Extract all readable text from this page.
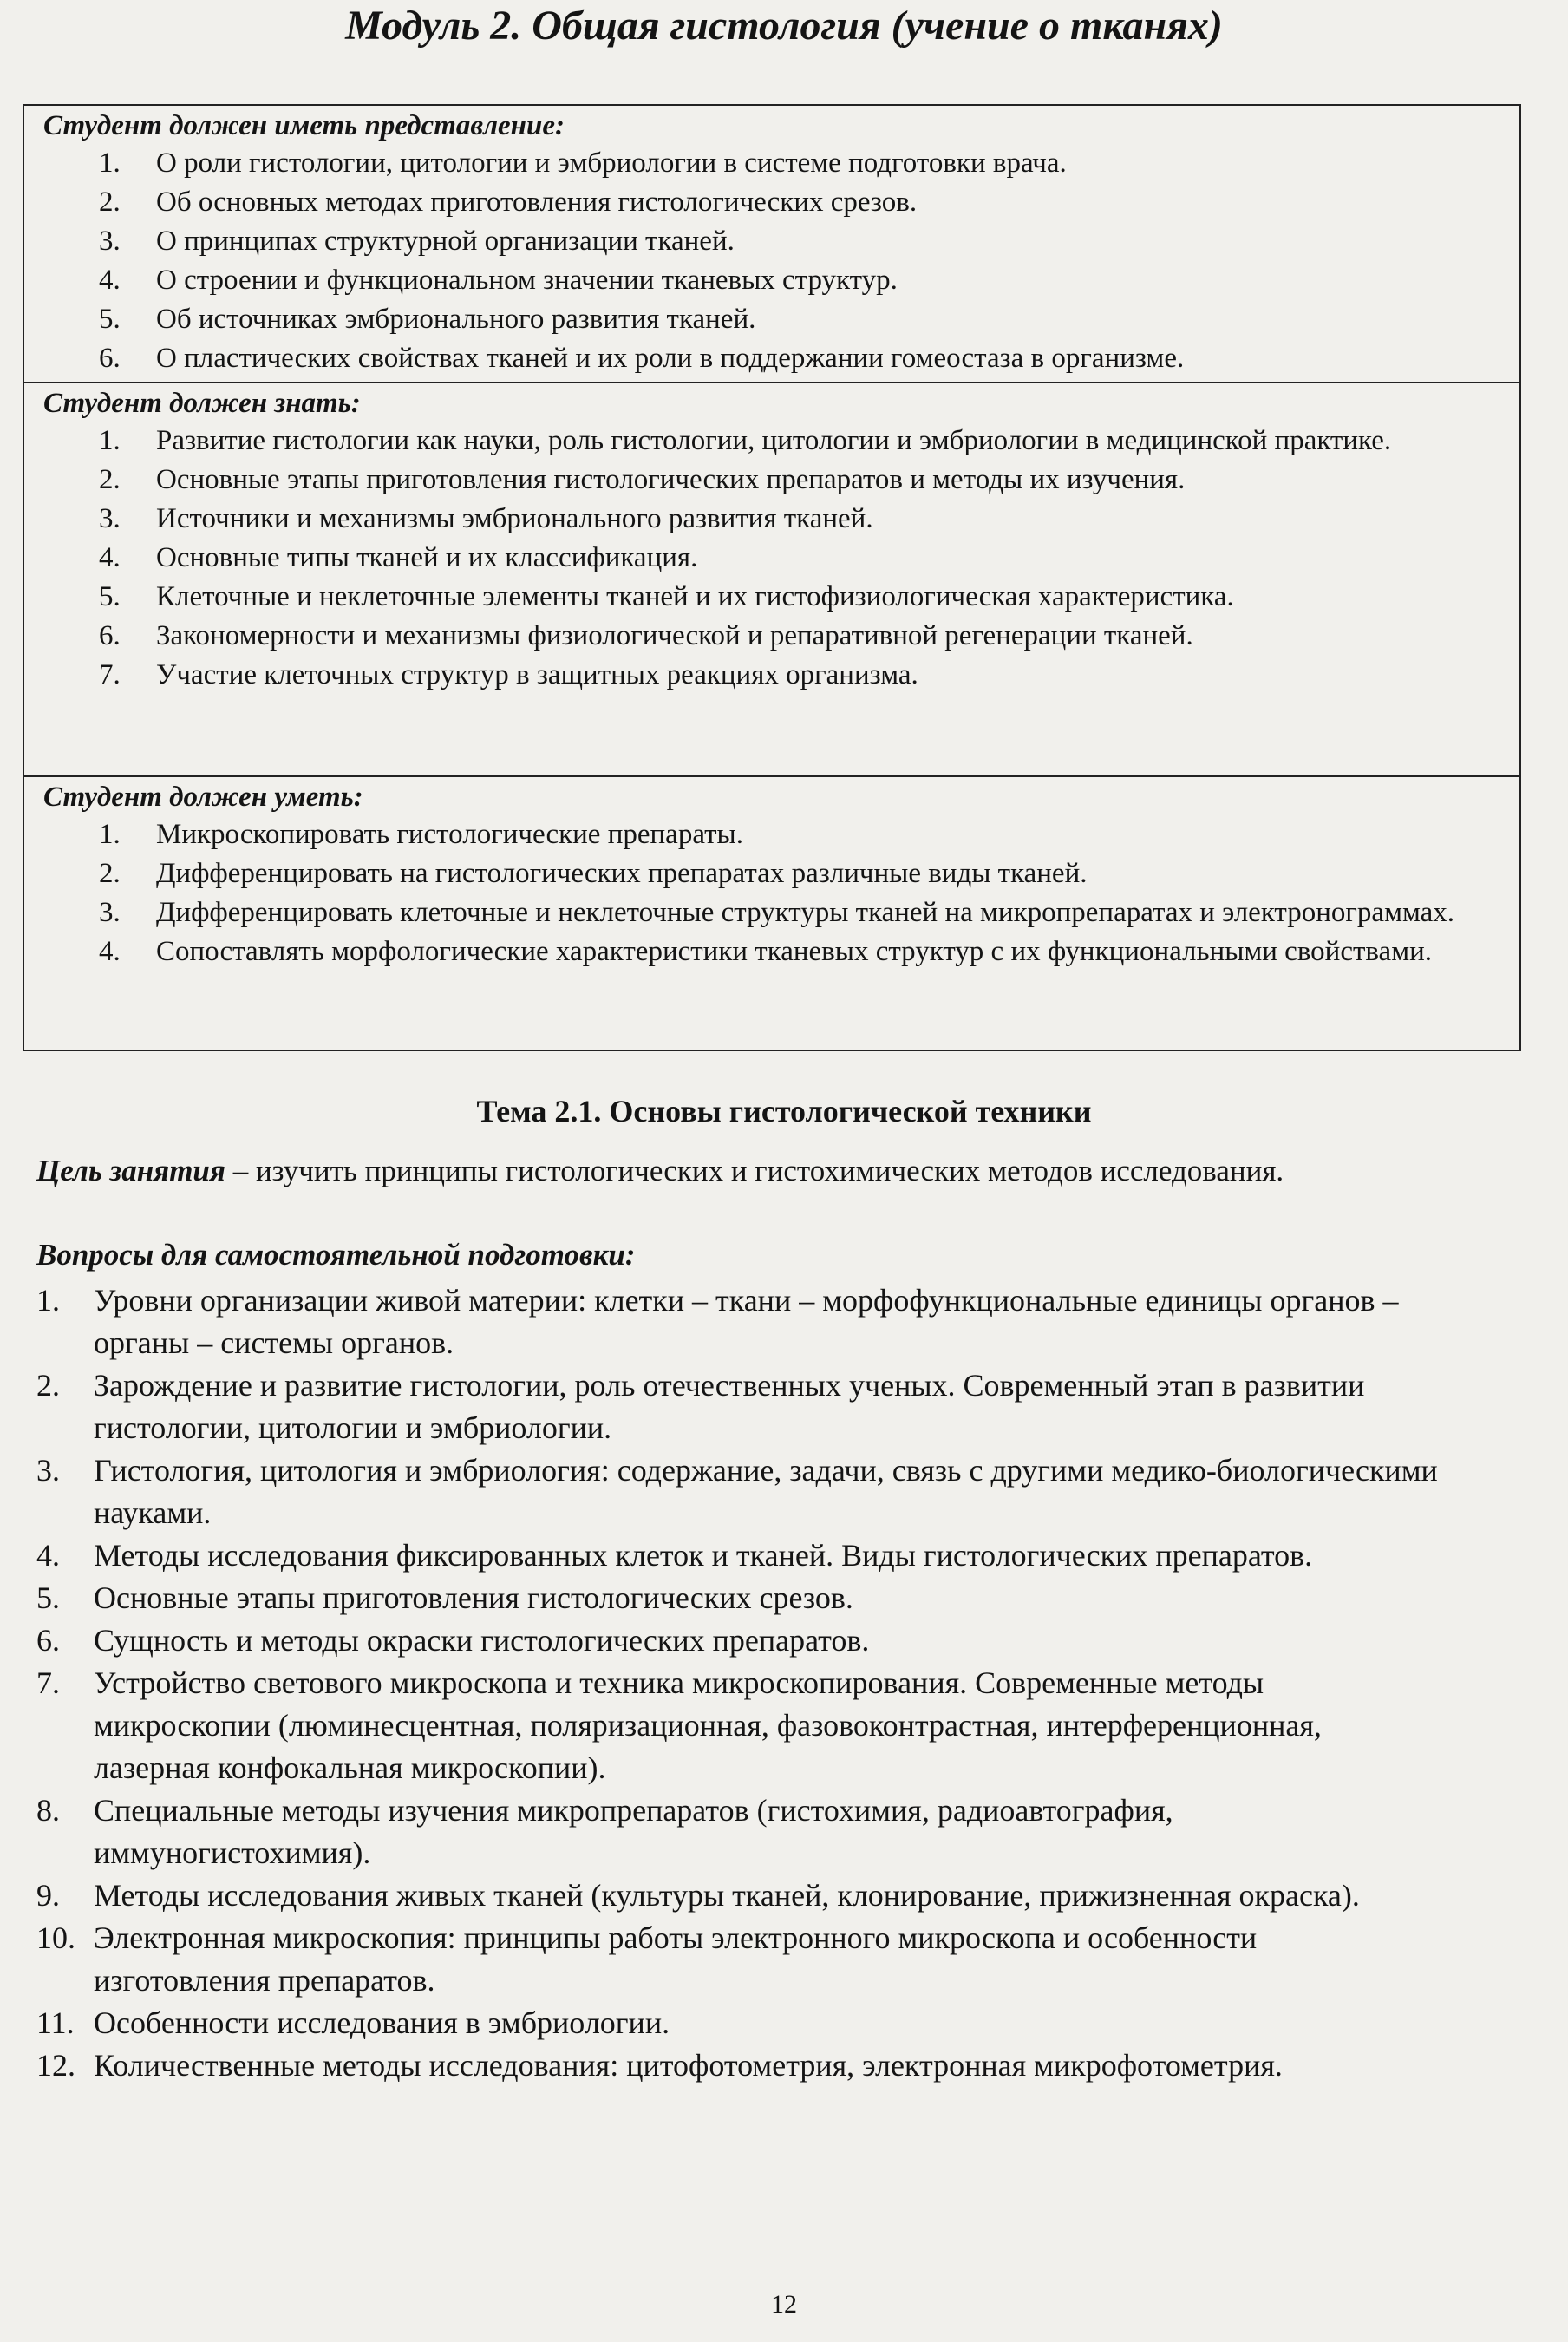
Модуль 2. Общая гистология (учение о тканях)
Студент должен иметь представление:
1. О роли гистологии, цитологии и эмбриологии в системе подготовки врача.
2. Об основных методах приготовления гистологических срезов.
3. О принципах структурной организации тканей.
4. О строении и функциональном значении тканевых структур.
5. Об источниках эмбрионального развития тканей.
6. О пластических свойствах тканей и их роли в поддержании гомеостаза в организме.
Студент должен знать:
1. Развитие гистологии как науки, роль гистологии, цитологии и эмбриологии в медицинской практике.
2. Основные этапы приготовления гистологических препаратов и методы их изучения.
3. Источники и механизмы эмбрионального развития тканей.
4. Основные типы тканей и их классификация.
5. Клеточные и неклеточные элементы тканей и их гистофизиологическая характеристика.
6. Закономерности и механизмы физиологической и репаративной регенерации тканей.
7. Участие клеточных структур в защитных реакциях организма.
Студент должен уметь:
1. Микроскопировать гистологические препараты.
2. Дифференцировать на гистологических препаратах различные виды тканей.
3. Дифференцировать клеточные и неклеточные структуры тканей на микропрепаратах и электронограммах.
4. Сопоставлять морфологические характеристики тканевых структур с их функциональными свойствами.
Тема 2.1. Основы гистологической техники
Цель занятия – изучить принципы гистологических и гистохимических методов исследования.
Вопросы для самостоятельной подготовки:
1. Уровни организации живой материи: клетки – ткани – морфофункциональные единицы органов – органы – системы органов.
2. Зарождение и развитие гистологии, роль отечественных ученых. Современный этап в развитии гистологии, цитологии и эмбриологии.
3. Гистология, цитология и эмбриология: содержание, задачи, связь с другими медико-биологическими науками.
4. Методы исследования фиксированных клеток и тканей. Виды гистологических препаратов.
5. Основные этапы приготовления гистологических срезов.
6. Сущность и методы окраски гистологических препаратов.
7. Устройство светового микроскопа и техника микроскопирования. Современные методы микроскопии (люминесцентная, поляризационная, фазовоконтрастная, интерференционная, лазерная конфокальная микроскопии).
8. Специальные методы изучения микропрепаратов (гистохимия, радиоавтография, иммуногистохимия).
9. Методы исследования живых тканей (культуры тканей, клонирование, прижизненная окраска).
10. Электронная микроскопия: принципы работы электронного микроскопа и особенности изготовления препаратов.
11. Особенности исследования в эмбриологии.
12. Количественные методы исследования: цитофотометрия, электронная микрофотометрия.
12
